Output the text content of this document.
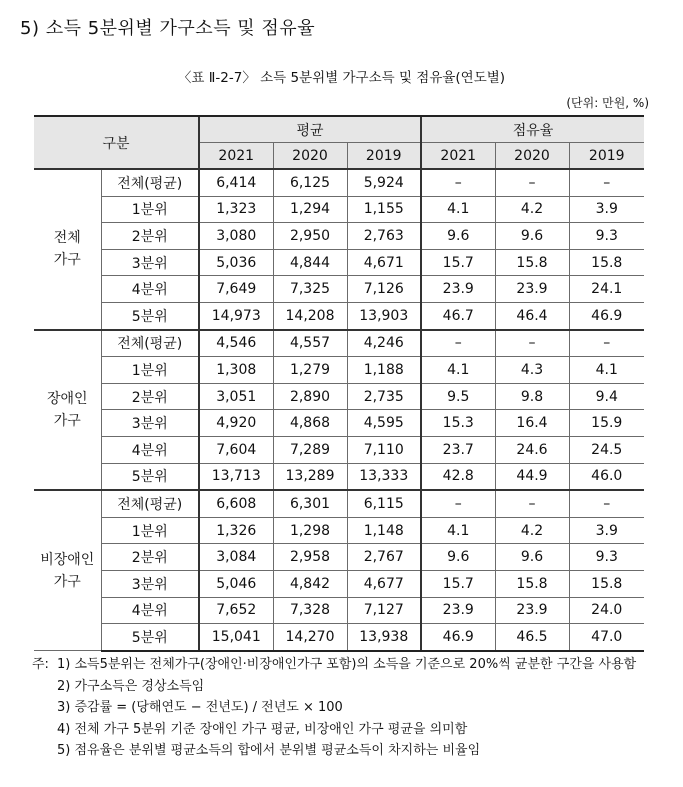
5) 소득 5분위별 가구소득 및 점유율
〈표 Ⅱ-2-7〉 소득 5분위별 가구소득 및 점유율(연도별)
(단위: 만원, %)
구분		평균			점유율		
		2021	2020	2019	2021	2020	2019

전체
가구	전체(평균)	6,414	6,125	5,924	–	–	–
	1분위	1,323	1,294	1,155	4.1	4.2	3.9
	2분위	3,080	2,950	2,763	9.6	9.6	9.3
	3분위	5,036	4,844	4,671	15.7	15.8	15.8
	4분위	7,649	7,325	7,126	23.9	23.9	24.1
	5분위	14,973	14,208	13,903	46.7	46.4	46.9

장애인
가구	전체(평균)	4,546	4,557	4,246	–	–	–
	1분위	1,308	1,279	1,188	4.1	4.3	4.1
	2분위	3,051	2,890	2,735	9.5	9.8	9.4
	3분위	4,920	4,868	4,595	15.3	16.4	15.9
	4분위	7,604	7,289	7,110	23.7	24.6	24.5
	5분위	13,713	13,289	13,333	42.8	44.9	46.0

비장애인
가구	전체(평균)	6,608	6,301	6,115	–	–	–
	1분위	1,326	1,298	1,148	4.1	4.2	3.9
	2분위	3,084	2,958	2,767	9.6	9.6	9.3
	3분위	5,046	4,842	4,677	15.7	15.8	15.8
	4분위	7,652	7,328	7,127	23.9	23.9	24.0
	5분위	15,041	14,270	13,938	46.9	46.5	47.0
주: 1) 소득5분위는 전체가구(장애인·비장애인가구 포함)의 소득을 기준으로 20%씩 균분한 구간을 사용함
2) 가구소득은 경상소득임
3) 증감률 = (당해연도 − 전년도) / 전년도 × 100
4) 전체 가구 5분위 기준 장애인 가구 평균, 비장애인 가구 평균을 의미함
5) 점유율은 분위별 평균소득의 합에서 분위별 평균소득이 차지하는 비율임
